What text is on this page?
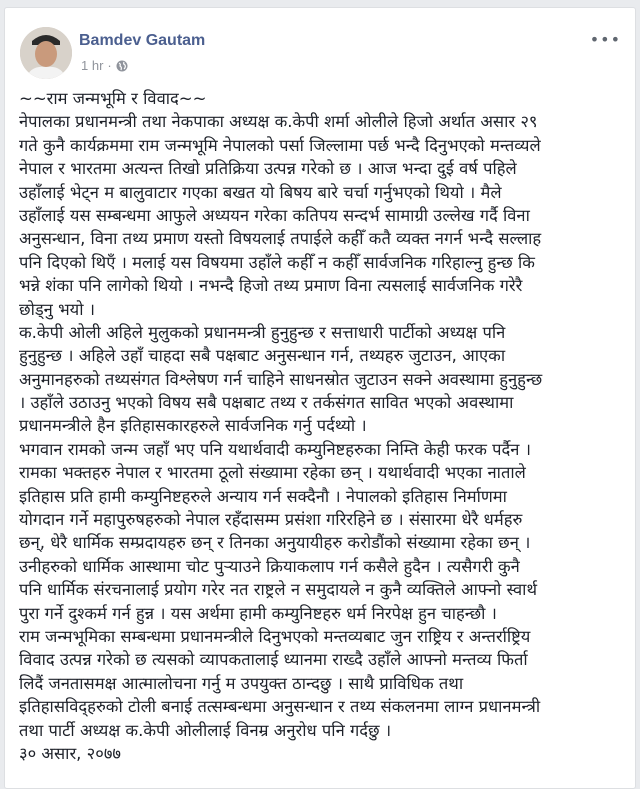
Bamdev Gautam
1 hr ·
•••
~~राम जन्मभूमि र विवाद~~
नेपालका प्रधानमन्त्री तथा नेकपाका अध्यक्ष क.केपी शर्मा ओलीले हिजो अर्थात असार २९
गते कुनै कार्यक्रममा राम जन्मभूमि नेपालको पर्सा जिल्लामा पर्छ भन्दै दिनुभएको मन्तव्यले
नेपाल र भारतमा अत्यन्त तिखो प्रतिक्रिया उत्पन्न गरेको छ । आज भन्दा दुई वर्ष पहिले
उहाँलाई भेट्न म बालुवाटार गएका बखत यो बिषय बारे चर्चा गर्नुभएको थियो । मैले
उहाँलाई यस सम्बन्धमा आफुले अध्ययन गरेका कतिपय सन्दर्भ सामाग्री उल्लेख गर्दै विना
अनुसन्धान, विना तथ्य प्रमाण यस्तो विषयलाई तपाईले कहीँ कतै व्यक्त नगर्न भन्दै सल्लाह
पनि दिएको थिएँ । मलाई यस विषयमा उहाँले कहीँ न कहीँ सार्वजनिक गरिहाल्नु हुन्छ कि
भन्ने शंका पनि लागेको थियो । नभन्दै हिजो तथ्य प्रमाण विना त्यसलाई सार्वजनिक गरेरै
छोड्नु भयो ।
क.केपी ओली अहिले मुलुकको प्रधानमन्त्री हुनुहुन्छ र सत्ताधारी पार्टीको अध्यक्ष पनि
हुनुहुन्छ । अहिले उहाँ चाहदा सबै पक्षबाट अनुसन्धान गर्न, तथ्यहरु जुटाउन, आएका
अनुमानहरुको तथ्यसंगत विश्लेषण गर्न चाहिने साधनस्रोत जुटाउन सक्ने अवस्थामा हुनुहुन्छ
। उहाँले उठाउनु भएको विषय सबै पक्षबाट तथ्य र तर्कसंगत सावित भएको अवस्थामा
प्रधानमन्त्रीले हैन इतिहासकारहरुले सार्वजनिक गर्नु पर्दथ्यो ।
भगवान रामको जन्म जहाँ भए पनि यथार्थवादी कम्युनिष्टहरुका निम्ति केही फरक पर्दैन ।
रामका भक्तहरु नेपाल र भारतमा ठूलो संख्यामा रहेका छन् । यथार्थवादी भएका नाताले
इतिहास प्रति हामी कम्युनिष्टहरुले अन्याय गर्न सक्दैनौ । नेपालको इतिहास निर्माणमा
योगदान गर्ने महापुरुषहरुको नेपाल रहँदासम्म प्रसंशा गरिरहिने छ । संसारमा धेरै धर्महरु
छन्, धेरै धार्मिक सम्प्रदायहरु छन् र तिनका अनुयायीहरु करोडौंको संख्यामा रहेका छन् ।
उनीहरुको धार्मिक आस्थामा चोट पुर्‍याउने क्रियाकलाप गर्न कसैले हुदैन । त्यसैगरी कुनै
पनि धार्मिक संरचनालाई प्रयोग गरेर नत राष्ट्रले न समुदायले न कुनै व्यक्तिले आफ्नो स्वार्थ
पुरा गर्ने दुश्कर्म गर्न हुन्न । यस अर्थमा हामी कम्युनिष्टहरु धर्म निरपेक्ष हुन चाहन्छौ ।
राम जन्मभूमिका सम्बन्धमा प्रधानमन्त्रीले दिनुभएको मन्तव्यबाट जुन राष्ट्रिय र अन्तर्राष्ट्रिय
विवाद उत्पन्न गरेको छ त्यसको व्यापकतालाई ध्यानमा राख्दै उहाँले आफ्नो मन्तव्य फिर्ता
लिदैं जनतासमक्ष आत्मालोचना गर्नु म उपयुक्त ठान्दछु । साथै प्राविधिक तथा
इतिहासविद्हरुको टोली बनाई तत्सम्बन्धमा अनुसन्धान र तथ्य संकलनमा लाग्न प्रधानमन्त्री
तथा पार्टी अध्यक्ष क.केपी ओलीलाई विनम्र अनुरोध पनि गर्दछु ।
३० असार, २०७७
